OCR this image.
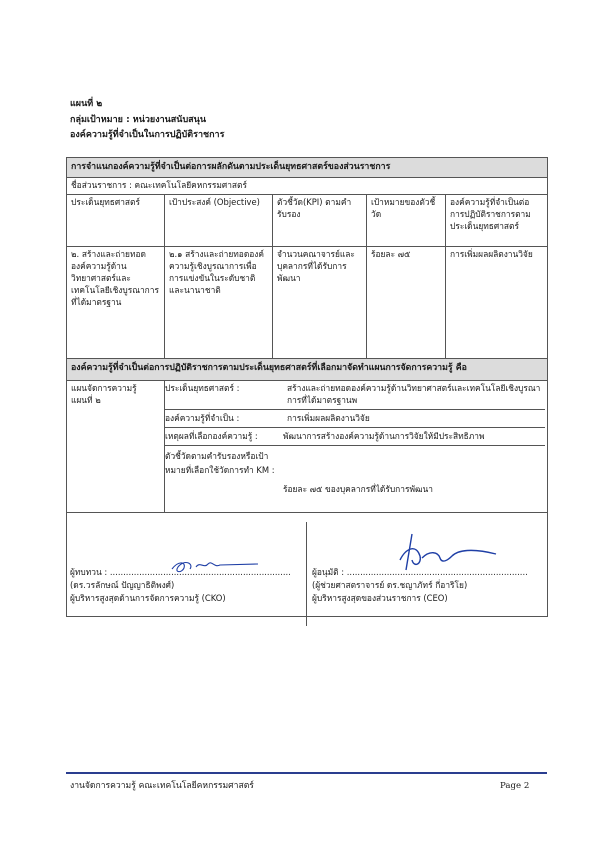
แผนที่ ๒
กลุ่มเป้าหมาย : หน่วยงานสนับสนุน
องค์ความรู้ที่จำเป็นในการปฏิบัติราชการ
การจำแนกองค์ความรู้ที่จำเป็นต่อการผลักดันตามประเด็นยุทธศาสตร์ของส่วนราชการ
ชื่อส่วนราชการ : คณะเทคโนโลยีคหกรรมศาสตร์
ประเด็นยุทธศาสตร์	เป้าประสงค์ (Objective)	ตัวชี้วัด(KPI) ตามคำรับรอง	เป้าหมายของตัวชี้วัด	องค์ความรู้ที่จำเป็นต่อการปฏิบัติราชการตามประเด็นยุทธศาสตร์
๒. สร้างและถ่ายทอดองค์ความรู้ด้านวิทยาศาสตร์และเทคโนโลยีเชิงบูรณาการที่ได้มาตรฐาน	๒.๑ สร้างและถ่ายทอดองค์ความรู้เชิงบูรณาการเพื่อการแข่งขันในระดับชาติและนานาชาติ	จำนวนคณาจารย์และบุคลากรที่ได้รับการพัฒนา	ร้อยละ ๗๕	การเพิ่มผลผลิตงานวิจัย
องค์ความรู้ที่จำเป็นต่อการปฏิบัติราชการตามประเด็นยุทธศาสตร์ที่เลือกมาจัดทำแผนการจัดการความรู้ คือ
แผนจัดการความรู้ แผนที่ ๒	
ประเด็นยุทธศาสตร์ :	สร้างและถ่ายทอดองค์ความรู้ด้านวิทยาศาสตร์และเทคโนโลยีเชิงบูรณาการที่ได้มาตรฐานพ
องค์ความรู้ที่จำเป็น :	การเพิ่มผลผลิตงานวิจัย
เหตุผลที่เลือกองค์ความรู้ :	พัฒนาการสร้างองค์ความรู้ด้านการวิจัยให้มีประสิทธิภาพ
ตัวชี้วัดตามคำรับรองหรือเป้าหมายที่เลือกใช้วัดการทำ KM :	ร้อยละ ๗๕ ของบุคลากรที่ได้รับการพัฒนา

ผู้ทบทวน : ....................................................................
(ดร.วรลักษณ์ ปัญญาธิติพงศ์)
ผู้บริหารสูงสุดด้านการจัดการความรู้ (CKO)
ผู้อนุมัติ : ....................................................................
(ผู้ช่วยศาสตราจารย์ ดร.ชญาภัทร์ กี่อาริโย)
ผู้บริหารสูงสุดของส่วนราชการ (CEO)
งานจัดการความรู้ คณะเทคโนโลยีคหกรรมศาสตร์	Page 2
